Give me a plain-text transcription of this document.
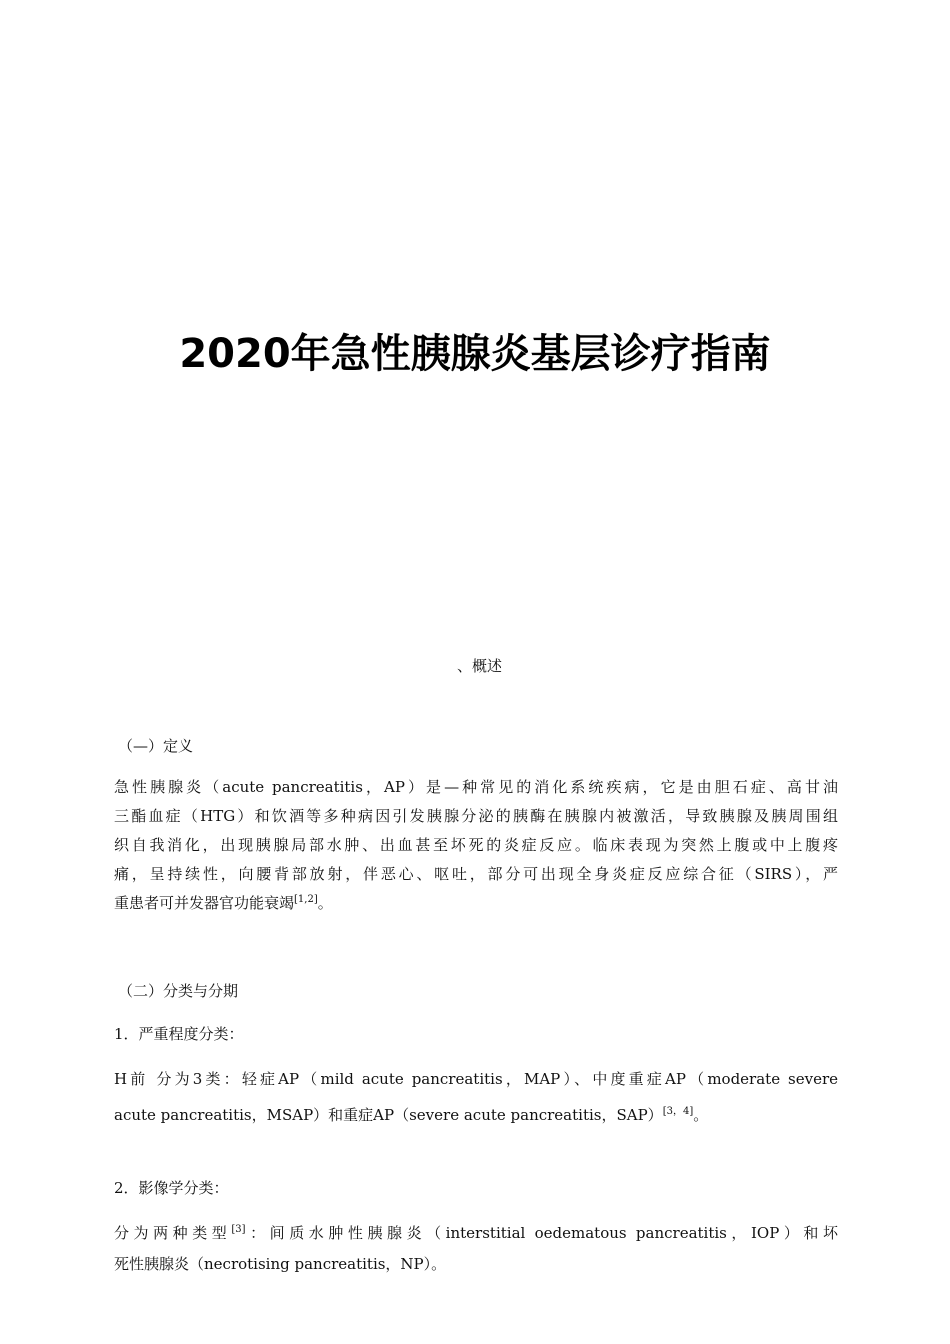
2020年急性胰腺炎基层诊疗指南
、概述
（—）定义
急性胰腺炎（acute pancreatitis，AP）是—种常见的消化系统疾病，它是由胆石症、高甘油
三酯血症（HTG）和饮酒等多种病因引发胰腺分泌的胰酶在胰腺内被激活，导致胰腺及胰周围组
织自我消化，出现胰腺局部水肿、出血甚至坏死的炎症反应。临床表现为突然上腹或中上腹疼
痛，呈持续性，向腰背部放射，伴恶心、呕吐，部分可出现全身炎症反应综合征（SIRS），严
重患者可并发器官功能衰竭[1,2]。
（二）分类与分期
1．严重程度分类：
H前 分为3类：轻症AP（mild acute pancreatitis，MAP）、中度重症AP（moderate severe
acute pancreatitis，MSAP）和重症AP（severe acute pancreatitis，SAP）[3，4]。
2．影像学分类：
分为两种类型[3]：间质水肿性胰腺炎（interstitial oedematous pancreatitis，IOP）和坏
死性胰腺炎（necrotising pancreatitis，NP）。
